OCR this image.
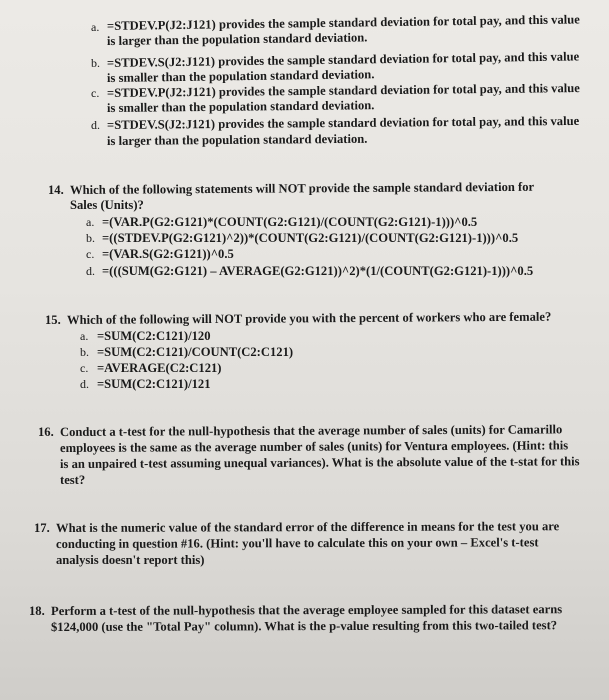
a. =STDEV.P(J2:J121) provides the sample standard deviation for total pay, and this value
is larger than the population standard deviation.
b. =STDEV.S(J2:J121) provides the sample standard deviation for total pay, and this value
is smaller than the population standard deviation.
c. =STDEV.P(J2:J121) provides the sample standard deviation for total pay, and this value
is smaller than the population standard deviation.
d. =STDEV.S(J2:J121) provides the sample standard deviation for total pay, and this value
is larger than the population standard deviation.
14. Which of the following statements will NOT provide the sample standard deviation for
Sales (Units)?
a. =(VAR.P(G2:G121)*(COUNT(G2:G121)/(COUNT(G2:G121)-1)))^0.5
b. =((STDEV.P(G2:G121)^2))*(COUNT(G2:G121)/(COUNT(G2:G121)-1)))^0.5
c. =(VAR.S(G2:G121))^0.5
d. =(((SUM(G2:G121) – AVERAGE(G2:G121))^2)*(1/(COUNT(G2:G121)-1)))^0.5
15. Which of the following will NOT provide you with the percent of workers who are female?
a. =SUM(C2:C121)/120
b. =SUM(C2:C121)/COUNT(C2:C121)
c. =AVERAGE(C2:C121)
d. =SUM(C2:C121)/121
16. Conduct a t-test for the null-hypothesis that the average number of sales (units) for Camarillo
employees is the same as the average number of sales (units) for Ventura employees. (Hint: this
is an unpaired t-test assuming unequal variances). What is the absolute value of the t-stat for this
test?
17. What is the numeric value of the standard error of the difference in means for the test you are
conducting in question #16. (Hint: you'll have to calculate this on your own – Excel's t-test
analysis doesn't report this)
18. Perform a t-test of the null-hypothesis that the average employee sampled for this dataset earns
$124,000 (use the "Total Pay" column). What is the p-value resulting from this two-tailed test?
